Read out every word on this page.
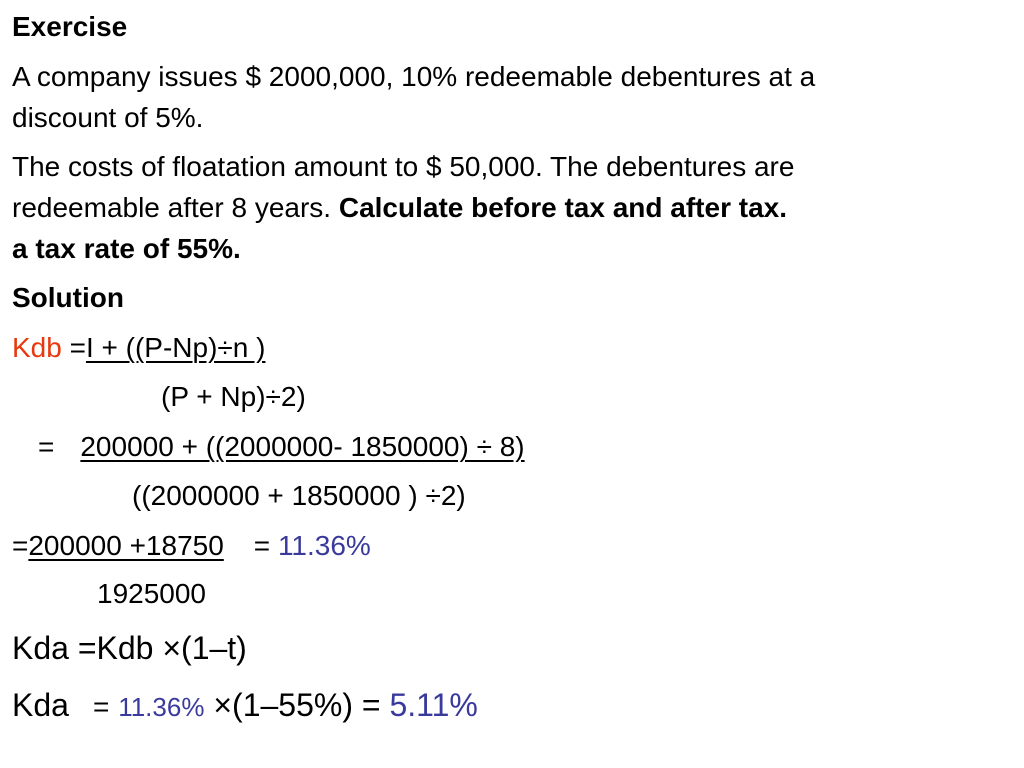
Exercise
A company issues $ 2000,000, 10% redeemable debentures at a
discount of 5%.
The costs of floatation amount to $ 50,000. The debentures are
redeemable after 8 years. Calculate before tax and after tax.
a tax rate of 55%.
Solution
Kdb =I + ((P-Np)÷n )
(P + Np)÷2)
= 200000 + ((2000000- 1850000) ÷ 8)
((2000000 + 1850000 ) ÷2)
=200000 +18750 = 11.36%
1925000
Kda =Kdb ×(1–t)
Kda = 11.36% ×(1–55%) = 5.11%
